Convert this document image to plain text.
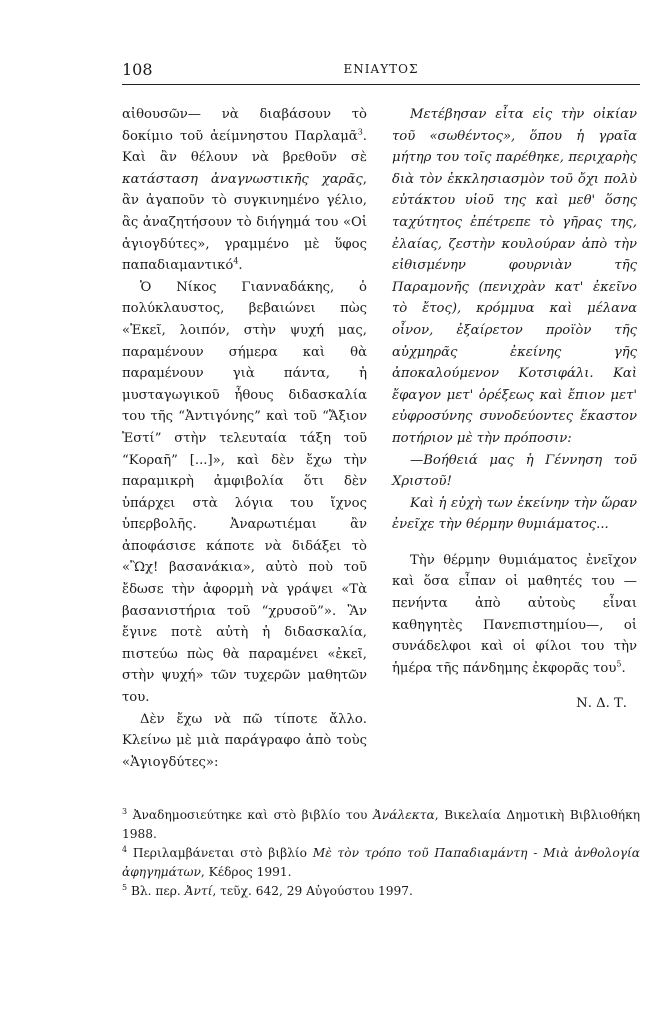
108	ΕΝΙΑΥΤΟΣ

αἰθουσῶν— νὰ διαβάσουν τὸ δοκίμιο τοῦ ἀείμνηστου Παρλαμᾶ$^3$. Καὶ ἂν θέλουν νὰ βρεθοῦν σὲ κατάσταση ἀναγνωστικῆς χαρᾶς, ἂν ἀγαποῦν τὸ συγκινημένο γέλιο, ἂς ἀναζητήσουν τὸ διήγημά του «Οἱ ἁγιογδύτες», γραμμένο μὲ ὕφος παπαδιαμαντικό$^4$.

Ὁ Νίκος Γιανναδάκης, ὁ πολύκλαυστος, βεβαιώνει πὼς «Ἐκεῖ, λοιπόν, στὴν ψυχή μας, παραμένουν σήμερα καὶ θὰ παραμένουν γιὰ πάντα, ἡ μυσταγωγικοῦ ἦθους διδασκαλία του τῆς “Ἀντιγόνης” καὶ τοῦ “Ἄξιον Ἐστί” στὴν τελευταία τάξη τοῦ “Κοραῆ” [...]», καὶ δὲν ἔχω τὴν παραμικρὴ ἀμφιβολία ὅτι δὲν ὑπάρχει στὰ λόγια του ἴχνος ὑπερβολῆς. Ἀναρωτιέμαι ἂν ἀποφάσισε κάποτε νὰ διδάξει τὸ «Ὢχ! βασανάκια», αὐτὸ ποὺ τοῦ ἔδωσε τὴν ἀφορμὴ νὰ γράψει «Τὰ βασανιστήρια τοῦ “χρυσοῦ”». Ἂν ἔγινε ποτὲ αὐτὴ ἡ διδασκαλία, πιστεύω πὼς θὰ παραμένει «ἐκεῖ, στὴν ψυχή» τῶν τυχερῶν μαθητῶν του.

Δὲν ἔχω νὰ πῶ τίποτε ἄλλο. Κλείνω μὲ μιὰ παράγραφο ἀπὸ τοὺς «Ἁγιογδύτες»:

Μετέβησαν εἶτα εἰς τὴν οἰκίαν τοῦ «σωθέντος», ὅπου ἡ γραῖα μήτηρ του τοῖς παρέθηκε, περιχαρὴς διὰ τὸν ἐκκλησιασμὸν τοῦ ὄχι πολὺ εὐτάκτου υἱοῦ της καὶ μεθ' ὅσης ταχύτητος ἐπέτρεπε τὸ γῆρας της, ἐλαίας, ζεστὴν κουλούραν ἀπὸ τὴν εἰθισμένην φουρνιὰν τῆς Παραμονῆς (πενιχρὰν κατ' ἐκεῖνο τὸ ἔτος), κρόμμυα καὶ μέλανα οἶνον, ἐξαίρετον προϊὸν τῆς αὐχμηρᾶς ἐκείνης γῆς ἀποκαλούμενον Κοτσιφάλι. Καὶ ἔφαγον μετ' ὀρέξεως καὶ ἔπιον μετ' εὐφροσύνης συνοδεύοντες ἕκαστον ποτήριον μὲ τὴν πρόποσιν:

—Βοήθειά μας ἡ Γέννηση τοῦ Χριστοῦ!

Καὶ ἡ εὐχὴ των ἐκείνην τὴν ὥραν ἐνεῖχε τὴν θέρμην θυμιάματος...

Τὴν θέρμην θυμιάματος ἐνεῖχον καὶ ὅσα εἶπαν οἱ μαθητές του —πενήντα ἀπὸ αὐτοὺς εἶναι καθηγητὲς Πανεπιστημίου—, οἱ συνάδελφοι καὶ οἱ φίλοι του τὴν ἡμέρα τῆς πάνδημης ἐκφορᾶς του$^5$.

Ν. Δ. Τ.

$^3$ Ἀναδημοσιεύτηκε καὶ στὸ βιβλίο του Ἀνάλεκτα, Βικελαία Δημοτικὴ Βιβλιοθήκη 1988.

$^4$ Περιλαμβάνεται στὸ βιβλίο Μὲ τὸν τρόπο τοῦ Παπαδιαμάντη - Μιὰ ἀνθολογία ἀφηγημάτων, Κέδρος 1991.

$^5$ Βλ. περ. Ἀντί, τεῦχ. 642, 29 Αὐγούστου 1997.
